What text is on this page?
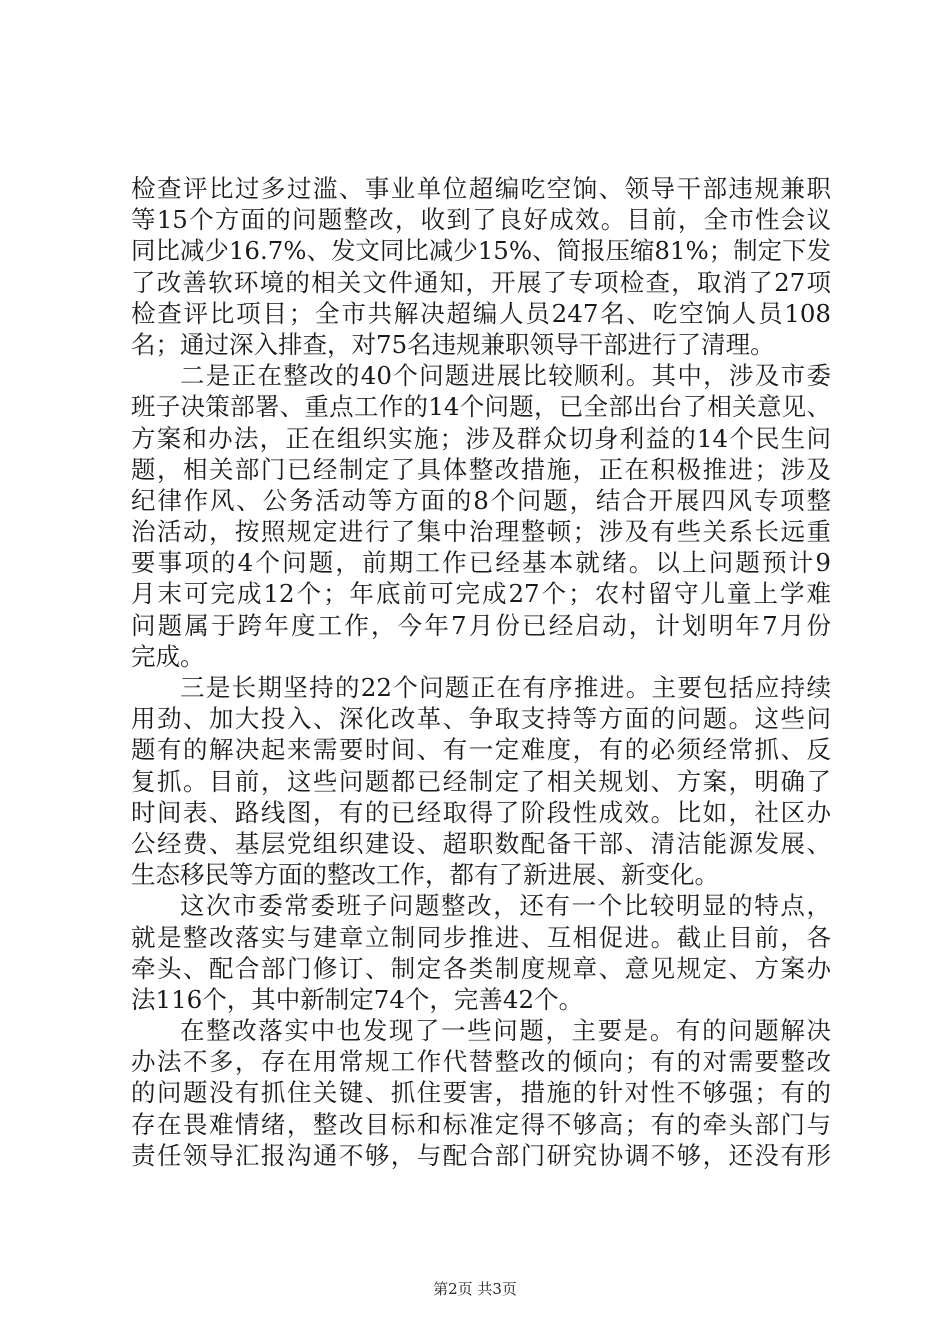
检查评比过多过滥、事业单位超编吃空饷、领导干部违规兼职
等15个方面的问题整改，收到了良好成效。目前，全市性会议
同比减少16.7%、发文同比减少15%、简报压缩81%；制定下发
了改善软环境的相关文件通知，开展了专项检查，取消了27项
检查评比项目；全市共解决超编人员247名、吃空饷人员108
名；通过深入排查，对75名违规兼职领导干部进行了清理。
二是正在整改的40个问题进展比较顺利。其中，涉及市委
班子决策部署、重点工作的14个问题，已全部出台了相关意见、
方案和办法，正在组织实施；涉及群众切身利益的14个民生问
题，相关部门已经制定了具体整改措施，正在积极推进；涉及
纪律作风、公务活动等方面的8个问题，结合开展四风专项整
治活动，按照规定进行了集中治理整顿；涉及有些关系长远重
要事项的4个问题，前期工作已经基本就绪。以上问题预计9
月末可完成12个；年底前可完成27个；农村留守儿童上学难
问题属于跨年度工作，今年7月份已经启动，计划明年7月份
完成。
三是长期坚持的22个问题正在有序推进。主要包括应持续
用劲、加大投入、深化改革、争取支持等方面的问题。这些问
题有的解决起来需要时间、有一定难度，有的必须经常抓、反
复抓。目前，这些问题都已经制定了相关规划、方案，明确了
时间表、路线图，有的已经取得了阶段性成效。比如，社区办
公经费、基层党组织建设、超职数配备干部、清洁能源发展、
生态移民等方面的整改工作，都有了新进展、新变化。
这次市委常委班子问题整改，还有一个比较明显的特点，
就是整改落实与建章立制同步推进、互相促进。截止目前，各
牵头、配合部门修订、制定各类制度规章、意见规定、方案办
法116个，其中新制定74个，完善42个。
在整改落实中也发现了一些问题，主要是。有的问题解决
办法不多，存在用常规工作代替整改的倾向；有的对需要整改
的问题没有抓住关键、抓住要害，措施的针对性不够强；有的
存在畏难情绪，整改目标和标准定得不够高；有的牵头部门与
责任领导汇报沟通不够，与配合部门研究协调不够，还没有形
第2页 共3页
